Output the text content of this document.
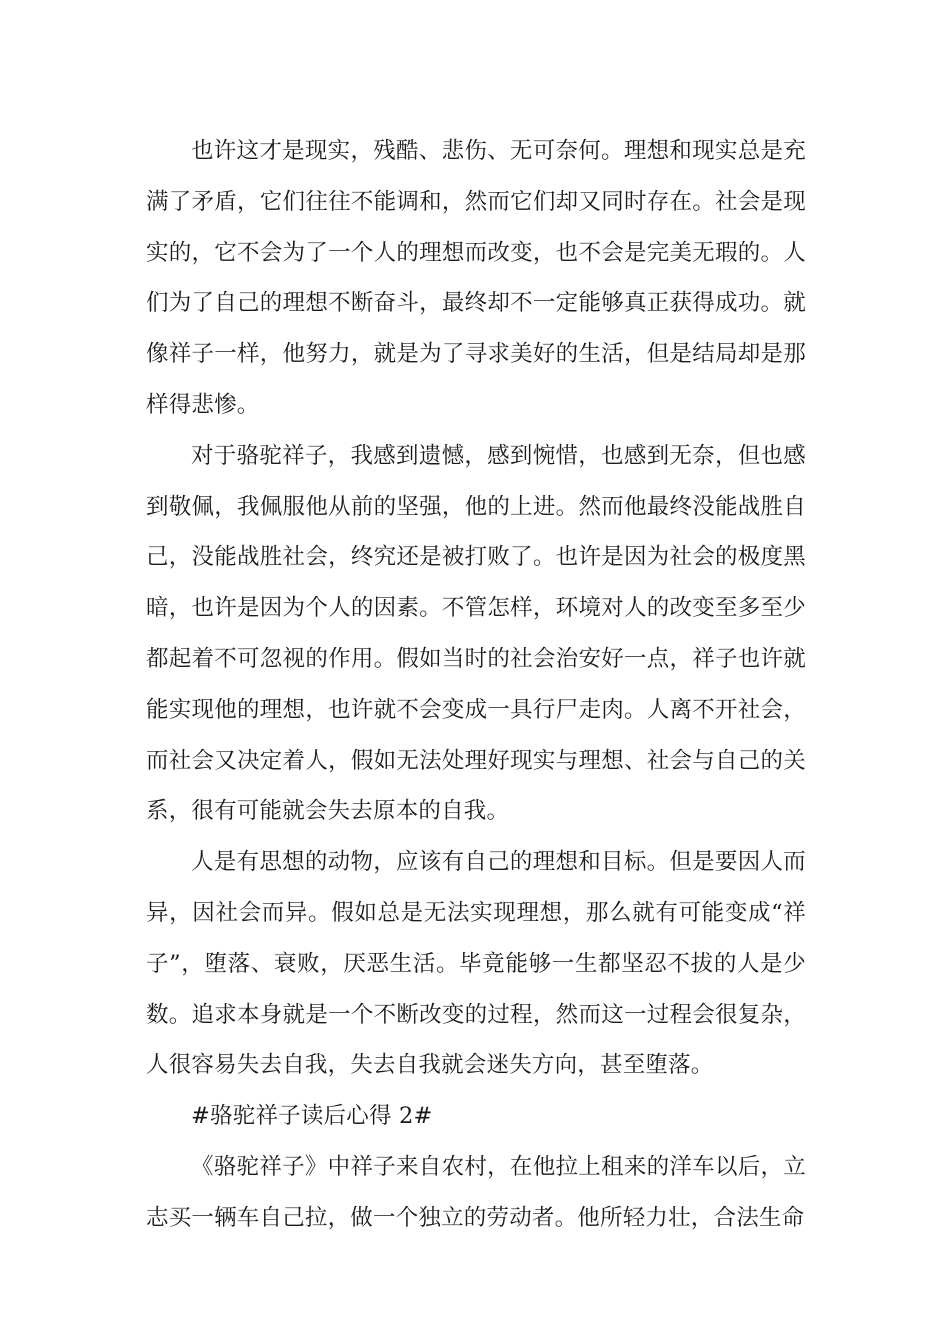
也许这才是现实，残酷、悲伤、无可奈何。理想和现实总是充满了矛盾，它们往往不能调和，然而它们却又同时存在。社会是现实的，它不会为了一个人的理想而改变，也不会是完美无瑕的。人们为了自己的理想不断奋斗，最终却不一定能够真正获得成功。就像祥子一样，他努力，就是为了寻求美好的生活，但是结局却是那样得悲惨。

对于骆驼祥子，我感到遗憾，感到惋惜，也感到无奈，但也感到敬佩，我佩服他从前的坚强，他的上进。然而他最终没能战胜自己，没能战胜社会，终究还是被打败了。也许是因为社会的极度黑暗，也许是因为个人的因素。不管怎样，环境对人的改变至多至少都起着不可忽视的作用。假如当时的社会治安好一点，祥子也许就能实现他的理想，也许就不会变成一具行尸走肉。人离不开社会，而社会又决定着人，假如无法处理好现实与理想、社会与自己的关系，很有可能就会失去原本的自我。

人是有思想的动物，应该有自己的理想和目标。但是要因人而异，因社会而异。假如总是无法实现理想，那么就有可能变成“祥子”，堕落、衰败，厌恶生活。毕竟能够一生都坚忍不拔的人是少数。追求本身就是一个不断改变的过程，然而这一过程会很复杂，人很容易失去自我，失去自我就会迷失方向，甚至堕落。

#骆驼祥子读后心得 2#

《骆驼祥子》中祥子来自农村，在他拉上租来的洋车以后，立志买一辆车自己拉，做一个独立的劳动者。他所轻力壮，合法生命
